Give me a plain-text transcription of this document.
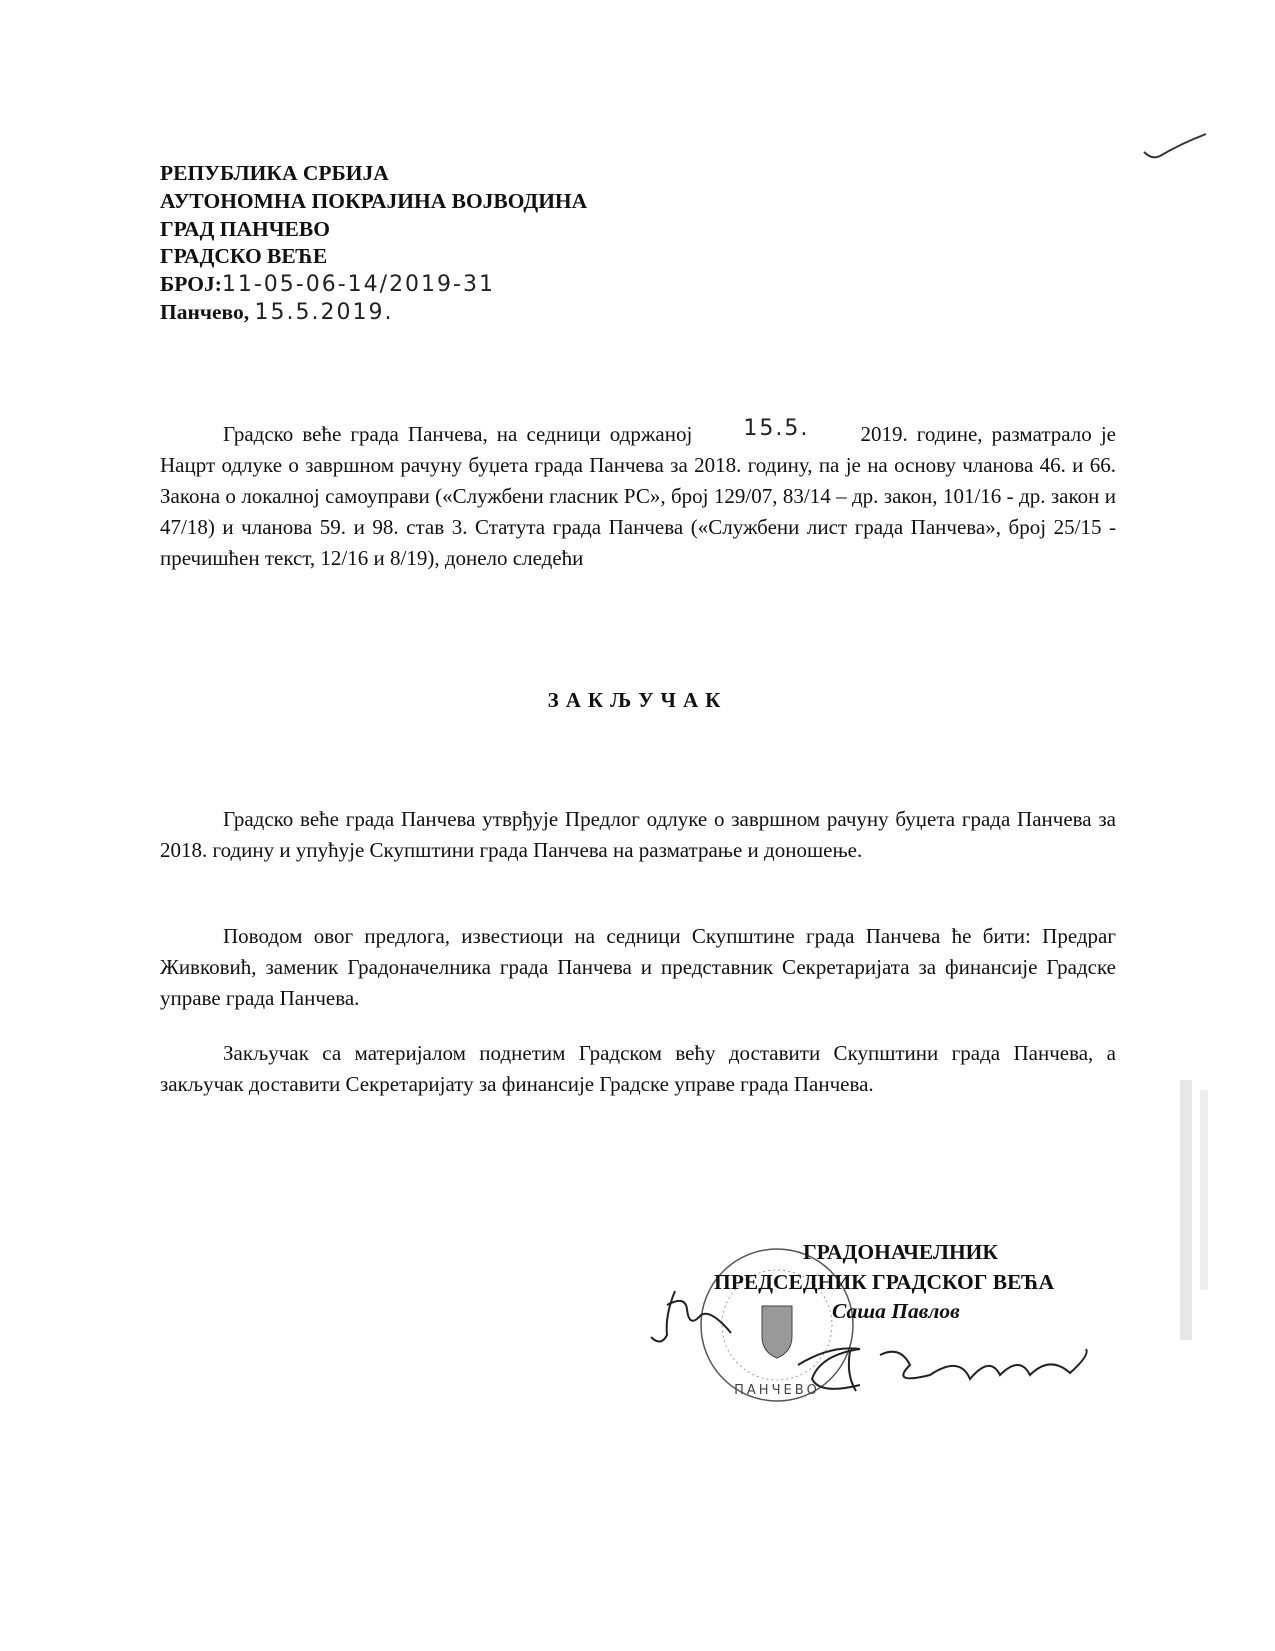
РЕПУБЛИКА СРБИЈА
АУТОНОМНА ПОКРАЈИНА ВОЈВОДИНА
ГРАД ПАНЧЕВО
ГРАДСКО ВЕЋЕ
БРОЈ:11-05-06-14/2019-31
Панчево, 15.5.2019.
Градско веће града Панчева, на седници одржаној 15.5. 2019. године, разматрало је Нацрт одлуке о завршном рачуну буџета града Панчева за 2018. годину, па је на основу чланова 46. и 66. Закона о локалној самоуправи («Службени гласник РС», број 129/07, 83/14 – др. закон, 101/16 - др. закон и 47/18) и чланова 59. и 98. став 3. Статута града Панчева («Службени лист града Панчева», број 25/15 - пречишћен текст, 12/16 и 8/19), донело следећи
ЗАКЉУЧАК
Градско веће града Панчева утврђује Предлог одлуке о завршном рачуну буџета града Панчева за 2018. годину и упућује Скупштини града Панчева на разматрање и доношење.
Поводом овог предлога, известиоци на седници Скупштине града Панчева ће бити: Предраг Живковић, заменик Градоначелника града Панчева и представник Секретаријата за финансије Градске управе града Панчева.
Закључак са материјалом поднетим Градском већу доставити Скупштини града Панчева, а закључак доставити Секретаријату за финансије Градске управе града Панчева.
ПАНЧЕВО
ГРАДОНАЧЕЛНИК
ПРЕДСЕДНИК ГРАДСКОГ ВЕЋА
Саша Павлов
